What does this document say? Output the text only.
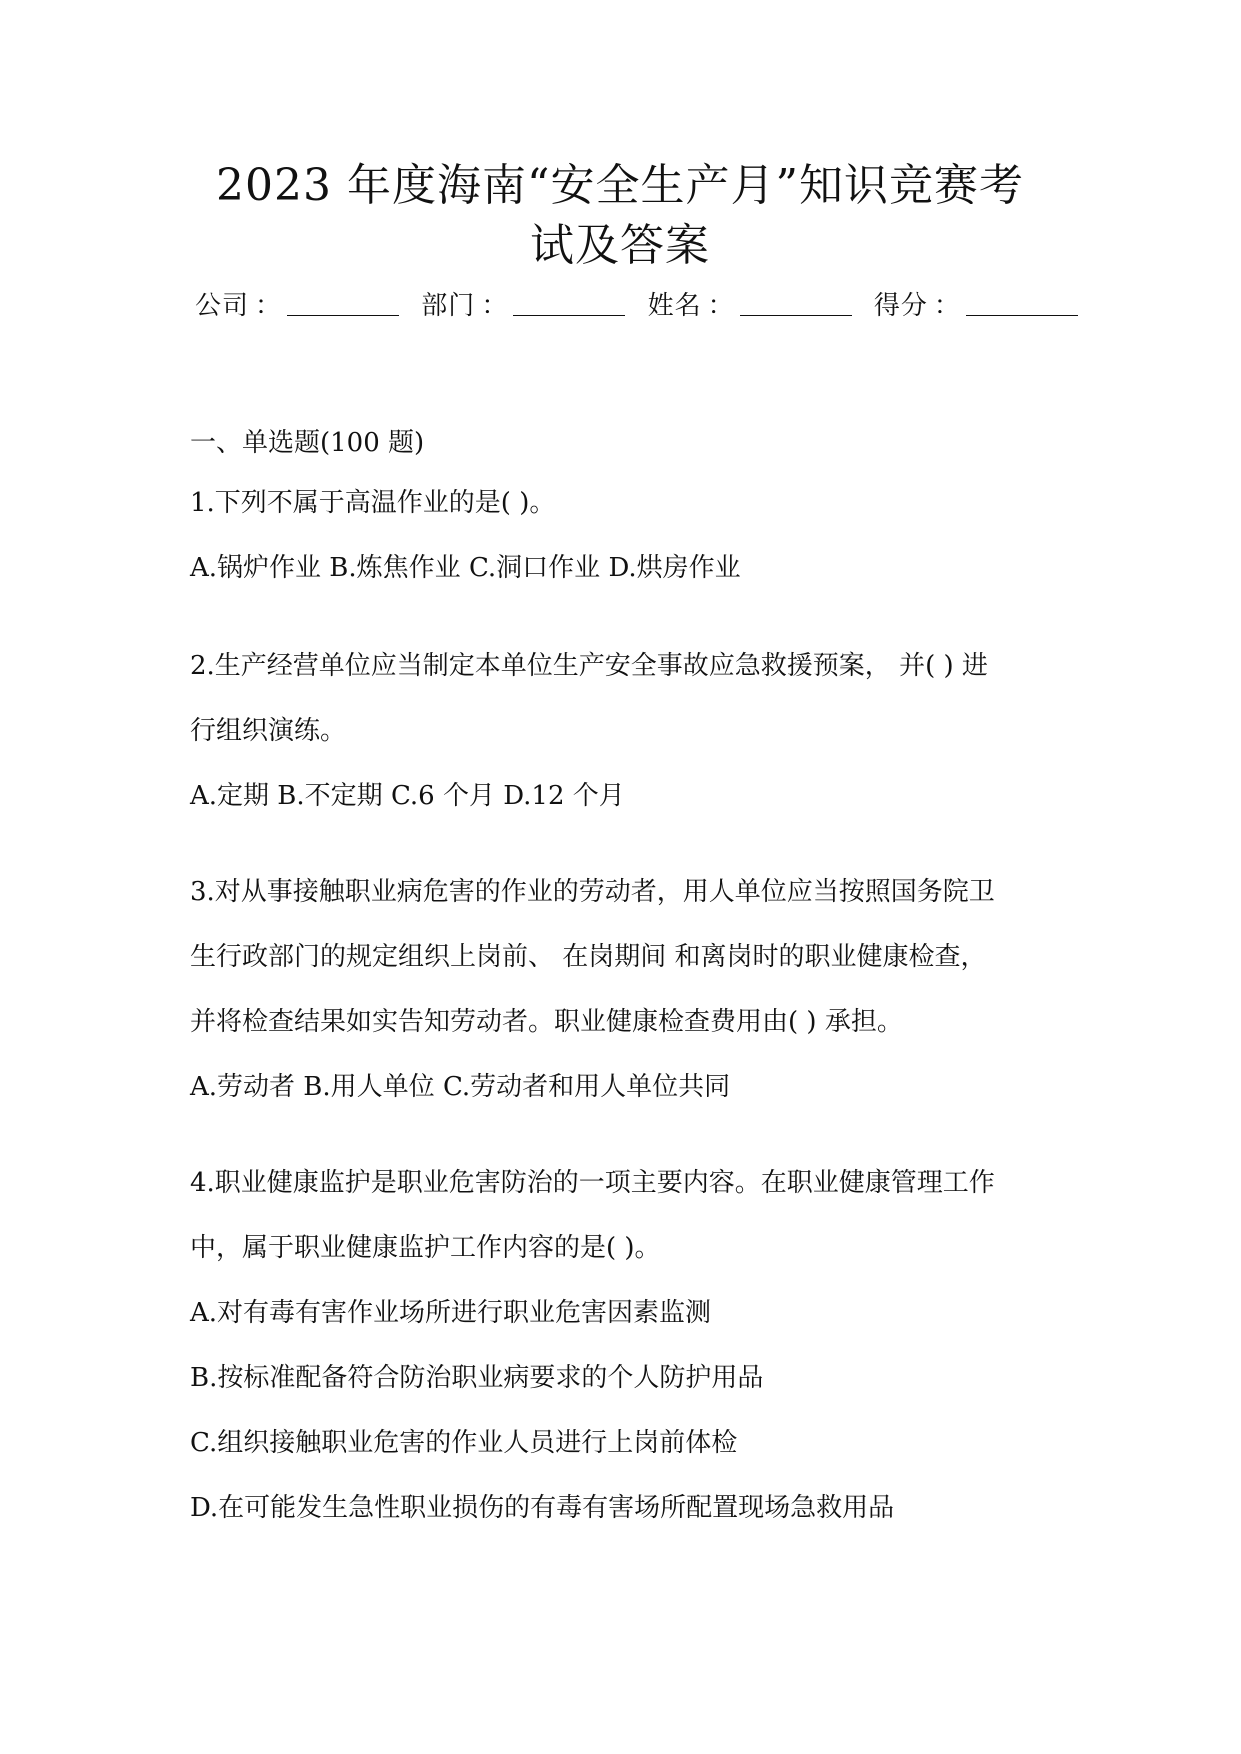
2023 年度海南“安全生产月”知识竞赛考
试及答案
公司 ：	部门 ：	姓名 ：	得分 ：

一、单选题(100 题)

1.下列不属于高温作业的是( )。

A.锅炉作业 B.炼焦作业 C.洞口作业 D.烘房作业

2.生产经营单位应当制定本单位生产安全事故应急救援预案， 并( ) 进

行组织演练。

A.定期 B.不定期 C.6 个月 D.12 个月

3.对从事接触职业病危害的作业的劳动者，用人单位应当按照国务院卫

生行政部门的规定组织上岗前、 在岗期间 和离岗时的职业健康检查，

并将检查结果如实告知劳动者。职业健康检查费用由( ) 承担。

A.劳动者 B.用人单位 C.劳动者和用人单位共同

4.职业健康监护是职业危害防治的一项主要内容。在职业健康管理工作

中，属于职业健康监护工作内容的是( )。

A.对有毒有害作业场所进行职业危害因素监测

B.按标准配备符合防治职业病要求的个人防护用品

C.组织接触职业危害的作业人员进行上岗前体检

D.在可能发生急性职业损伤的有毒有害场所配置现场急救用品
